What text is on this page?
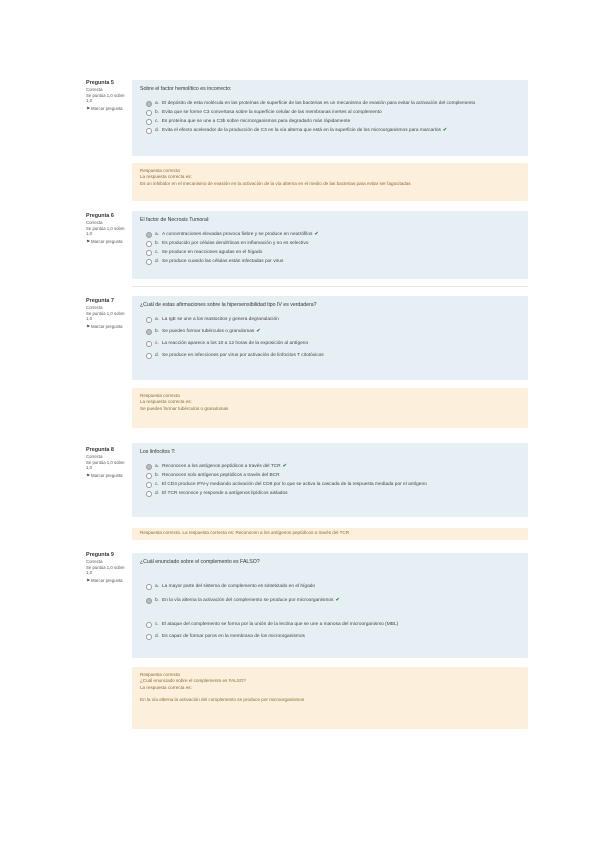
Pregunta 5
Correcta
Se puntúa 1,0 sobre 1,0
⚑ Marcar pregunta
Sobre el factor hemolítico es incorrecto:
a. El depósito de esta molécula en las proteínas de superficie de las bacterias es un mecanismo de evasión para evitar la activación del complemento
b. Evita que se forme C3 convertasa sobre la superficie celular de las membranas inertes al complemento
c. Es proteína que se une a C3b sobre microorganismos para degradarlo más rápidamente
d. Evita el efecto acelerador de la producción de C3 en la vía alterna que está en la superficie de los microorganismos para marcarlos ✔
Respuesta correcta
La respuesta correcta es:
Es un inhibidor en el mecanismo de evasión en la activación de la vía alterna en el medio de las bacterias para evitar ser fagocitadas
Pregunta 6
Correcta
Se puntúa 1,0 sobre 1,0
⚑ Marcar pregunta
El factor de Necrosis Tumoral:
a. A concentraciones elevadas provoca fiebre y se produce en neutrófilos ✔
b. Es producido por células dendríticas en inflamación y no es selectivo
c. Se produce en reacciones agudas en el hígado
d. Se produce cuando las células están infectadas por virus
Pregunta 7
Correcta
Se puntúa 1,0 sobre 1,0
⚑ Marcar pregunta
¿Cuál de estas afirmaciones sobre la hipersensibilidad tipo IV es verdadera?
a. La IgE se une a los mastocitos y genera degranulación
b. Se pueden formar tubérculos o granulomas ✔
c. La reacción aparece a los 10 a 12 horas de la exposición al antígeno
d. Se produce en infecciones por virus por activación de linfocitos T citotóxicos
Respuesta correcta
La respuesta correcta es:
Se pueden formar tubérculos o granulomas
Pregunta 8
Correcta
Se puntúa 1,0 sobre 1,0
⚑ Marcar pregunta
Los linfocitos T:
a. Reconocen a los antígenos peptídicos a través del TCR ✔
b. Reconocen solo antígenos peptídicos a través del BCR
c. El CD4 produce IFN-γ mediando activación del CD8 por lo que se activa la cascada de la respuesta mediada por el antígeno
d. El TCR reconoce y responde a antígenos lipídicos aislados
Respuesta correcta. La respuesta correcta es: Reconocen a los antígenos peptídicos a través del TCR
Pregunta 9
Correcta
Se puntúa 1,0 sobre 1,0
⚑ Marcar pregunta
¿Cuál enunciado sobre el complemento es FALSO?
a. La mayor parte del sistema de complemento es sintetizado en el hígado
b. En la vía alterna la activación del complemento se produce por microorganismos ✔
c. El ataque del complemento se forma por la unión de la lectina que se une a manosa del microorganismo (MBL)
d. Es capaz de formar poros en la membrana de los microorganismos
Respuesta correcta
¿Cuál enunciado sobre el complemento es FALSO?
La respuesta correcta es:
En la vía alterna la activación del complemento se produce por microorganismos
